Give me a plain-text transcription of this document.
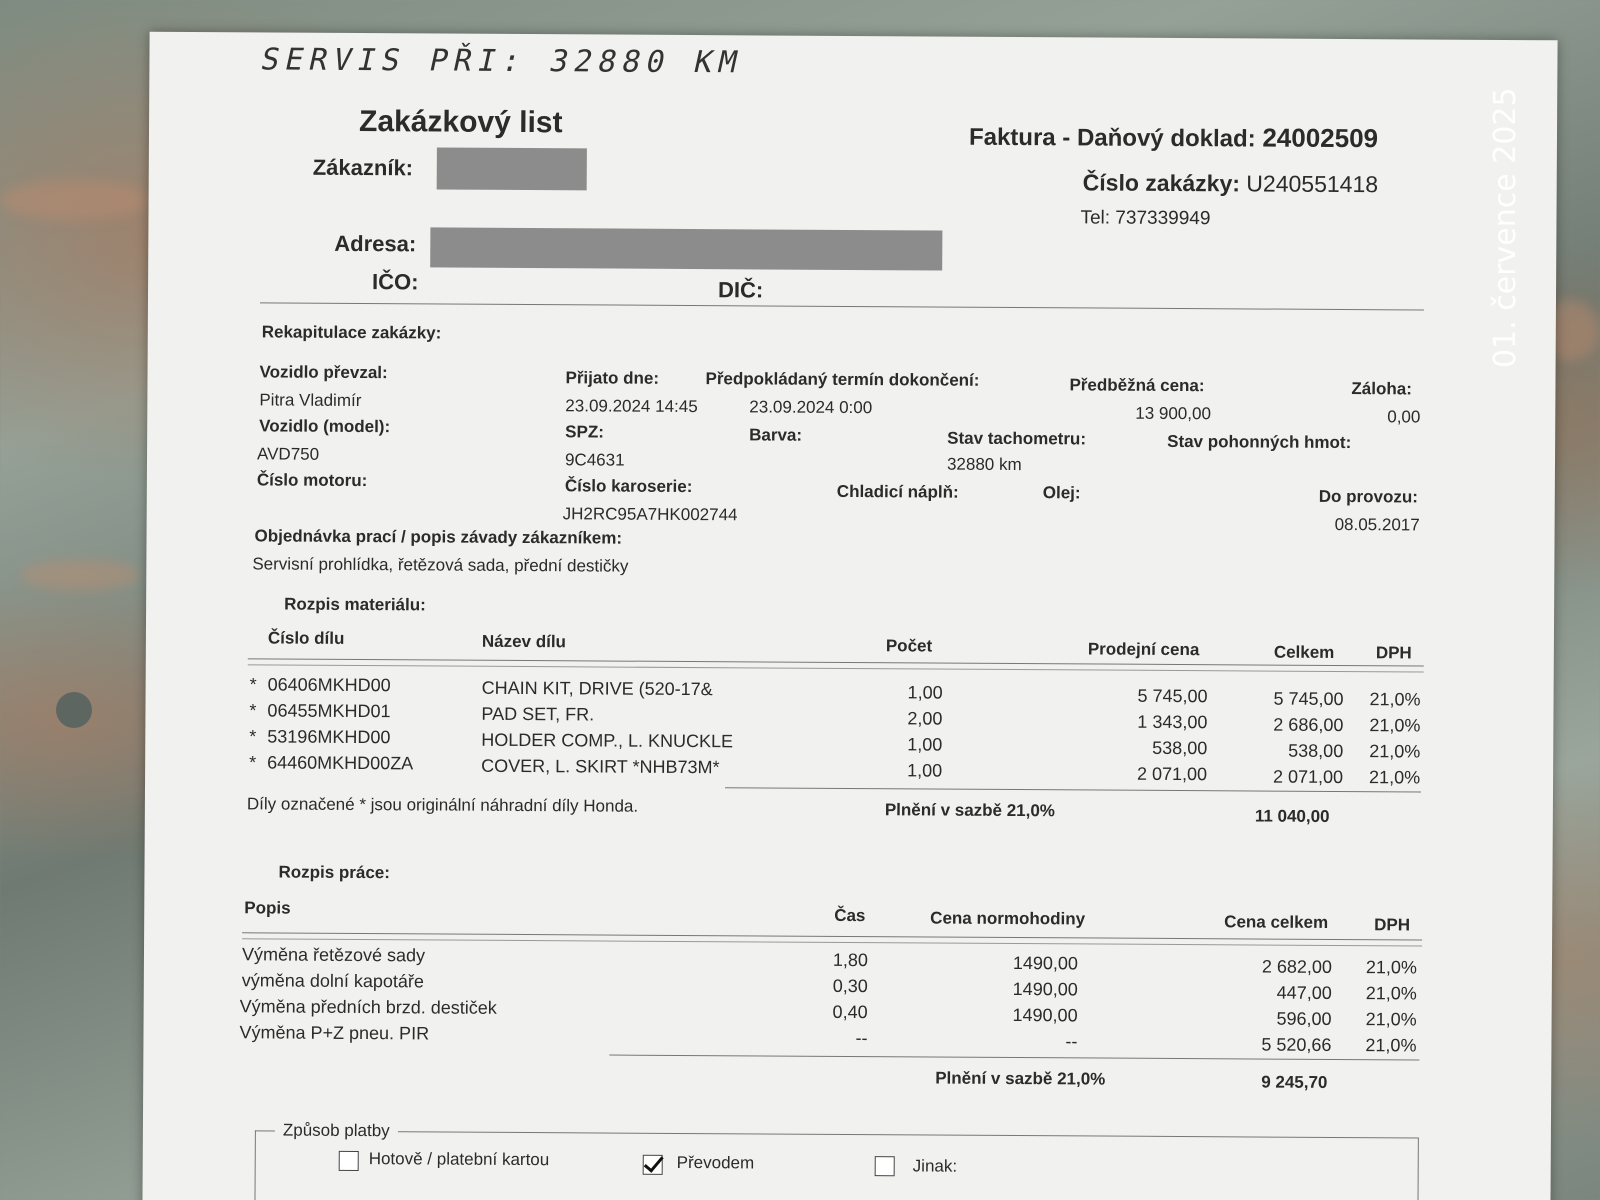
SERVIS PŘI: 32880 KM
Zakázkový list
Zákazník:
Adresa:
IČO:	DIČ:
Faktura - Daňový doklad: 24002509
Číslo zakázky: U240551418
Tel: 737339949
Rekapitulace zakázky:
Vozidlo převzal:
Pitra Vladimír
Přijato dne:
23.09.2024 14:45
Předpokládaný termín dokončení:
23.09.2024 0:00
Předběžná cena:
13 900,00
Záloha:
0,00
Vozidlo (model):
AVD750
SPZ:
9C4631
Barva:	Stav tachometru:
32880 km
Stav pohonných hmot:
Číslo motoru:	Číslo karoserie:
JH2RC95A7HK002744
Chladicí náplň:	Olej:	Do provozu:
08.05.2017
Objednávka prací / popis závady zákazníkem:
Servisní prohlídka, řetězová sada, přední destičky
Rozpis materiálu:
Číslo dílu	Název dílu	Počet	Prodejní cena	Celkem DPH
* 06406MKHD00	CHAIN KIT, DRIVE (520-17&	1,00	5 745,00	5 745,00 21,0%
* 06455MKHD01	PAD SET, FR.	2,00	1 343,00	2 686,00 21,0%
* 53196MKHD00	HOLDER COMP., L. KNUCKLE	1,00	538,00	538,00 21,0%
* 64460MKHD00ZA	COVER, L. SKIRT *NHB73M*	1,00	2 071,00	2 071,00 21,0%
Díly označené * jsou originální náhradní díly Honda.	Plnění v sazbě 21,0%	11 040,00
Rozpis práce:
Popis	Čas	Cena normohodiny	Cena celkem	DPH
Výměna řetězové sady	1,80	1490,00	2 682,00 21,0%
výměna dolní kapotáře	0,30	1490,00	447,00 21,0%
Výměna předních brzd. destiček	0,40	1490,00	596,00 21,0%
Výměna P+Z pneu. PIR	--	--	5 520,66 21,0%
Plnění v sazbě 21,0%	9 245,70
Způsob platby
Hotově / platební kartou	Převodem	Jinak:
01. července 2025
